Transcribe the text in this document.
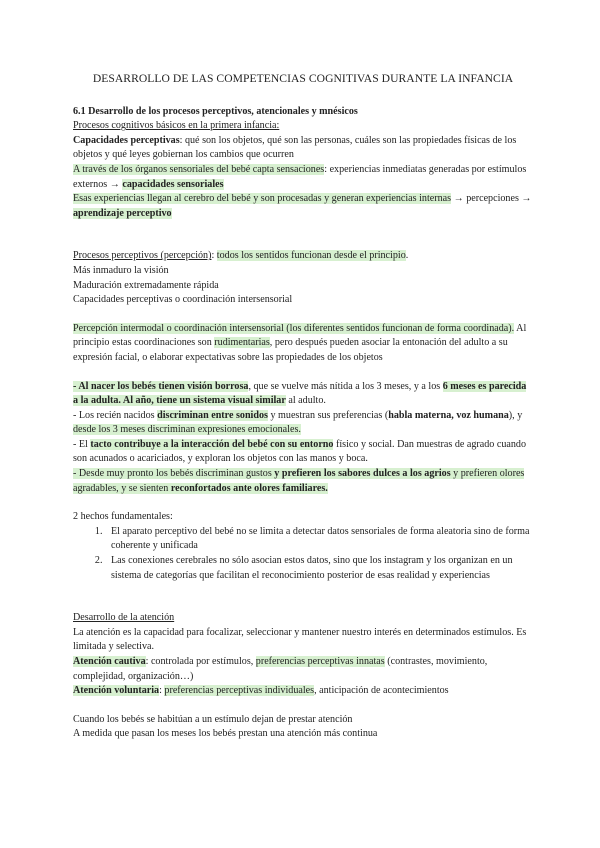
DESARROLLO DE LAS COMPETENCIAS COGNITIVAS DURANTE LA INFANCIA

6.1 Desarrollo de los procesos perceptivos, atencionales y mnésicos

Procesos cognitivos básicos en la primera infancia:

Capacidades perceptivas: qué son los objetos, qué son las personas, cuáles son las propiedades físicas de los objetos y qué leyes gobiernan los cambios que ocurren

A través de los órganos sensoriales del bebé capta sensaciones: experiencias inmediatas generadas por estímulos externos → capacidades sensoriales

Esas experiencias llegan al cerebro del bebé y son procesadas y generan experiencias internas → percepciones → aprendizaje perceptivo

Procesos perceptivos (percepción): todos los sentidos funcionan desde el principio.

Más inmaduro la visión

Maduración extremadamente rápida

Capacidades perceptivas o coordinación intersensorial

Percepción intermodal o coordinación intersensorial (los diferentes sentidos funcionan de forma coordinada). Al principio estas coordinaciones son rudimentarias, pero después pueden asociar la entonación del adulto a su expresión facial, o elaborar expectativas sobre las propiedades de los objetos

- Al nacer los bebés tienen visión borrosa, que se vuelve más nítida a los 3 meses, y a los 6 meses es parecida a la adulta. Al año, tiene un sistema visual similar al adulto.

- Los recién nacidos discriminan entre sonidos y muestran sus preferencias (habla materna, voz humana), y desde los 3 meses discriminan expresiones emocionales.

- El tacto contribuye a la interacción del bebé con su entorno físico y social. Dan muestras de agrado cuando son acunados o acariciados, y exploran los objetos con las manos y boca.

- Desde muy pronto los bebés discriminan gustos y prefieren los sabores dulces a los agrios y prefieren olores agradables, y se sienten reconfortados ante olores familiares.

2 hechos fundamentales:

1. El aparato perceptivo del bebé no se limita a detectar datos sensoriales de forma aleatoria sino de forma coherente y unificada
2. Las conexiones cerebrales no sólo asocian estos datos, sino que los instagram y los organizan en un sistema de categorías que facilitan el reconocimiento posterior de esas realidad y experiencias

Desarrollo de la atención

La atención es la capacidad para focalizar, seleccionar y mantener nuestro interés en determinados estímulos. Es limitada y selectiva.

Atención cautiva: controlada por estímulos, preferencias perceptivas innatas (contrastes, movimiento, complejidad, organización…)

Atención voluntaria: preferencias perceptivas individuales, anticipación de acontecimientos

Cuando los bebés se habitúan a un estímulo dejan de prestar atención

A medida que pasan los meses los bebés prestan una atención más continua
